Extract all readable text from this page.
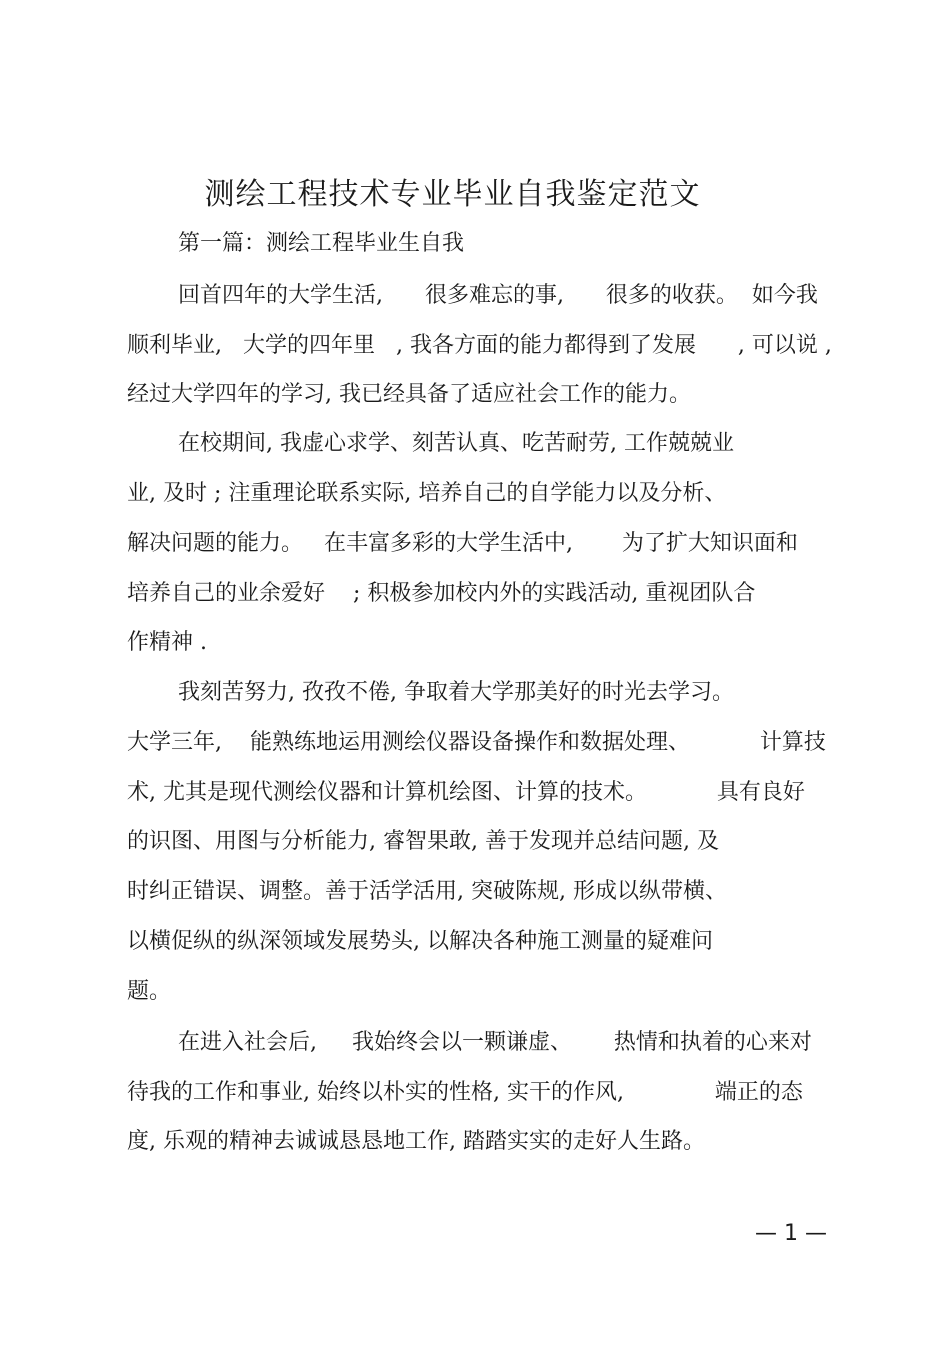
测绘工程技术专业毕业自我鉴定范文
第一篇：测绘工程毕业生自我
回首四年的大学生活,      很多难忘的事,      很多的收获。  如今我
顺利毕业,   大学的四年里   , 我各方面的能力都得到了发展      , 可以说 ,
经过大学四年的学习, 我已经具备了适应社会工作的能力。
在校期间, 我虚心求学、刻苦认真、吃苦耐劳, 工作兢兢业
业, 及时 ; 注重理论联系实际, 培养自己的自学能力以及分析、
解决问题的能力。   在丰富多彩的大学生活中,       为了扩大知识面和
培养自己的业余爱好    ; 积极参加校内外的实践活动, 重视团队合
作精神 .
我刻苦努力, 孜孜不倦, 争取着大学那美好的时光去学习。
大学三年,    能熟练地运用测绘仪器设备操作和数据处理、          计算技
术, 尤其是现代测绘仪器和计算机绘图、计算的技术。          具有良好
的识图、用图与分析能力, 睿智果敢, 善于发现并总结问题, 及
时纠正错误、调整。善于活学活用, 突破陈规, 形成以纵带横、
以横促纵的纵深领域发展势头, 以解决各种施工测量的疑难问
题。
在进入社会后,     我始终会以一颗谦虚、      热情和执着的心来对
待我的工作和事业, 始终以朴实的性格, 实干的作风,             端正的态
度, 乐观的精神去诚诚恳恳地工作, 踏踏实实的走好人生路。
— 1 —
